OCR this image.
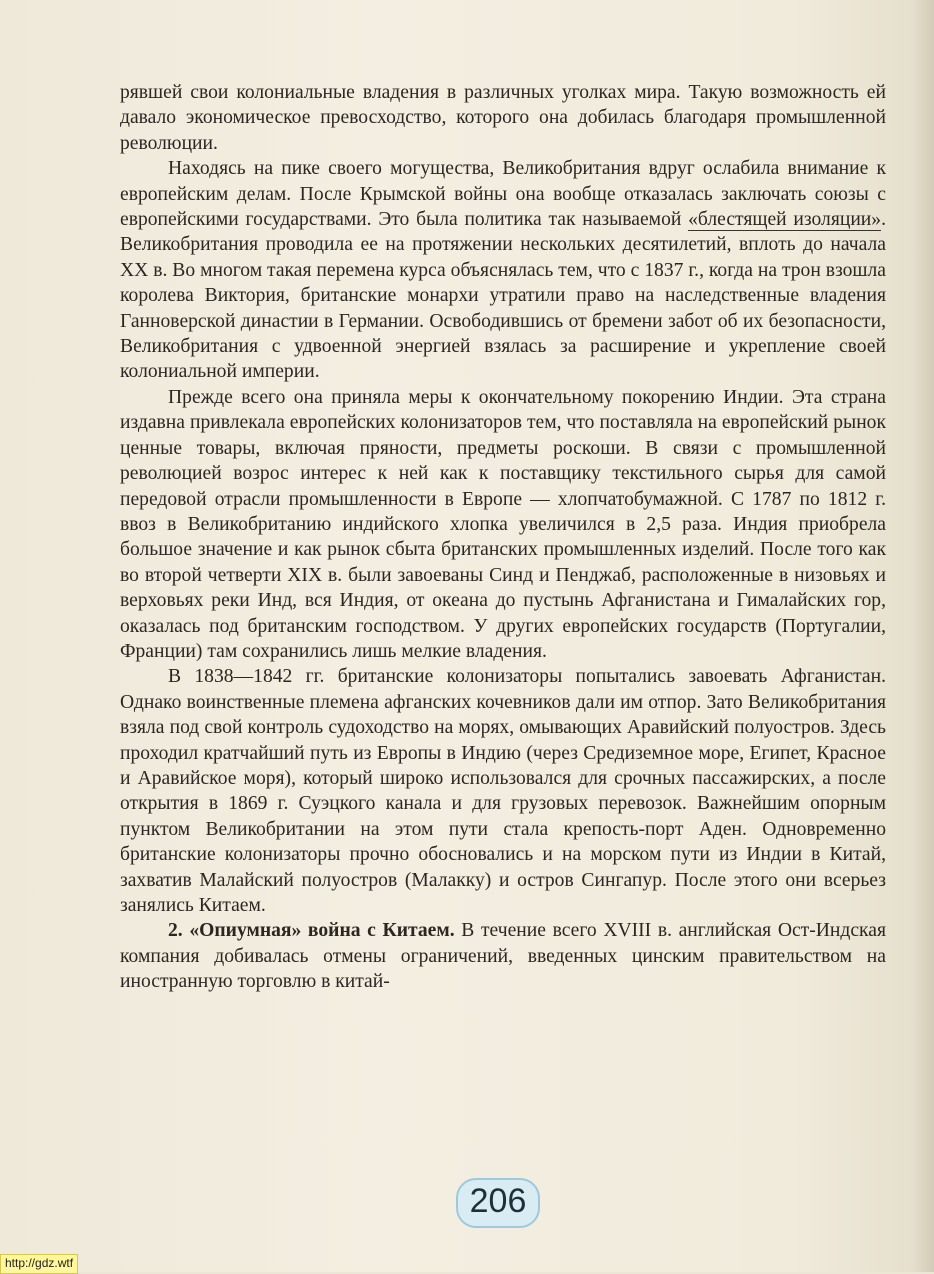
рявшей свои колониальные владения в различных уголках мира. Такую возможность ей давало экономическое превосходство, которого она добилась благодаря промышленной революции.

Находясь на пике своего могущества, Великобритания вдруг ослабила внимание к европейским делам. После Крымской войны она вообще отказалась заключать союзы с европейскими государствами. Это была политика так называемой «блестящей изоляции». Великобритания проводила ее на протяжении нескольких десятилетий, вплоть до начала XX в. Во многом такая перемена курса объяснялась тем, что с 1837 г., когда на трон взошла королева Виктория, британские монархи утратили право на наследственные владения Ганноверской династии в Германии. Освободившись от бремени забот об их безопасности, Великобритания с удвоенной энергией взялась за расширение и укрепление своей колониальной империи.

Прежде всего она приняла меры к окончательному покорению Индии. Эта страна издавна привлекала европейских колонизаторов тем, что поставляла на европейский рынок ценные товары, включая пряности, предметы роскоши. В связи с промышленной революцией возрос интерес к ней как к поставщику текстильного сырья для самой передовой отрасли промышленности в Европе — хлопчатобумажной. С 1787 по 1812 г. ввоз в Великобританию индийского хлопка увеличился в 2,5 раза. Индия приобрела большое значение и как рынок сбыта британских промышленных изделий. После того как во второй четверти XIX в. были завоеваны Синд и Пенджаб, расположенные в низовьях и верховьях реки Инд, вся Индия, от океана до пустынь Афганистана и Гималайских гор, оказалась под британским господством. У других европейских государств (Португалии, Франции) там сохранились лишь мелкие владения.

В 1838—1842 гг. британские колонизаторы попытались завоевать Афганистан. Однако воинственные племена афганских кочевников дали им отпор. Зато Великобритания взяла под свой контроль судоходство на морях, омывающих Аравийский полуостров. Здесь проходил кратчайший путь из Европы в Индию (через Средиземное море, Египет, Красное и Аравийское моря), который широко использовался для срочных пассажирских, а после открытия в 1869 г. Суэцкого канала и для грузовых перевозок. Важнейшим опорным пунктом Великобритании на этом пути стала крепость-порт Аден. Одновременно британские колонизаторы прочно обосновались и на морском пути из Индии в Китай, захватив Малайский полуостров (Малакку) и остров Сингапур. После этого они всерьез занялись Китаем.

2. «Опиумная» война с Китаем. В течение всего XVIII в. английская Ост-Индская компания добивалась отмены ограничений, введенных цинским правительством на иностранную торговлю в китай-

206
http://gdz.wtf
